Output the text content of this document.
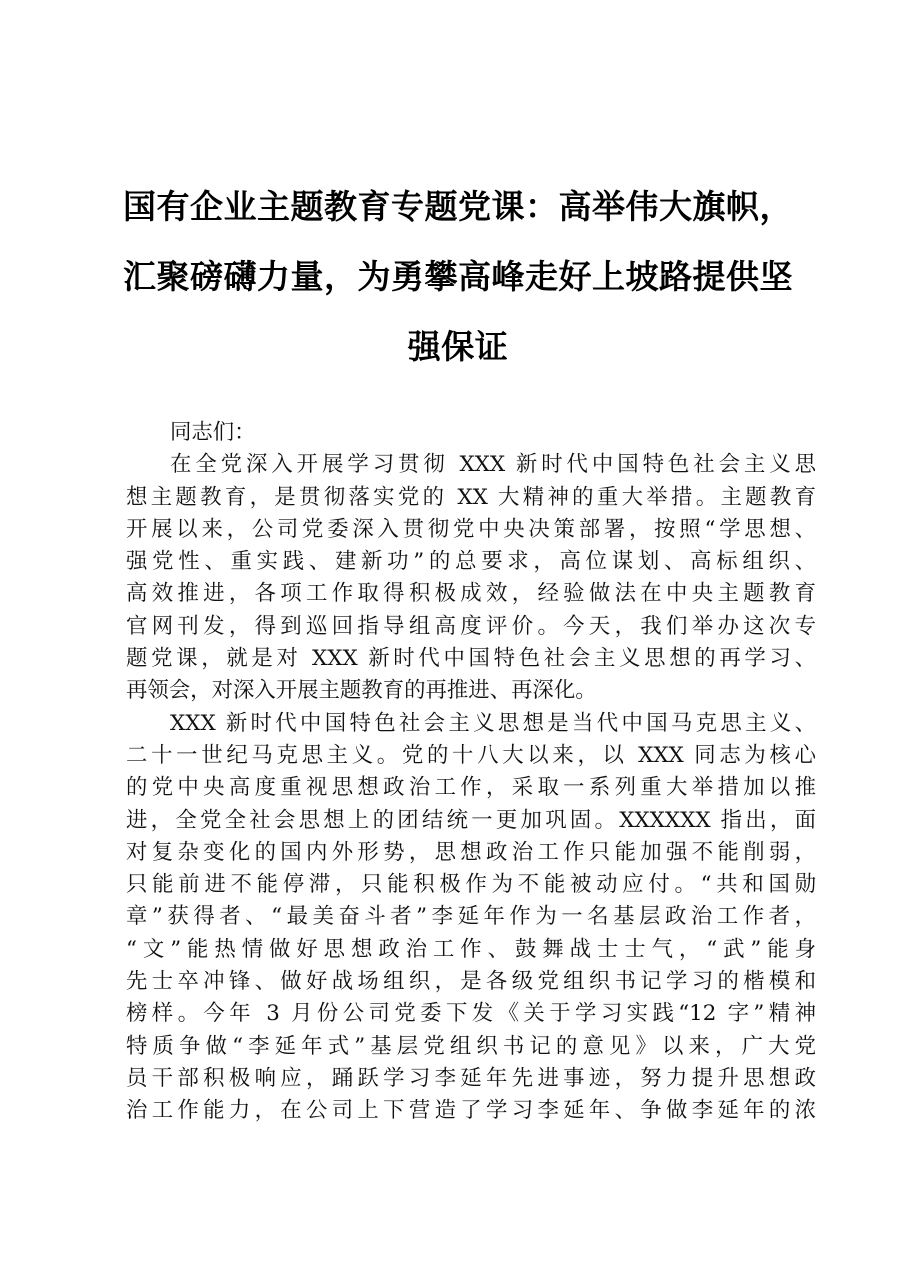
国有企业主题教育专题党课：高举伟大旗帜，
汇聚磅礴力量，为勇攀高峰走好上坡路提供坚
强保证
同志们：
在全党深入开展学习贯彻 XXX 新时代中国特色社会主义思
想主题教育，是贯彻落实党的 XX 大精神的重大举措。主题教育
开展以来，公司党委深入贯彻党中央决策部署，按照“学思想、
强党性、重实践、建新功”的总要求，高位谋划、高标组织、
高效推进，各项工作取得积极成效，经验做法在中央主题教育
官网刊发，得到巡回指导组高度评价。今天，我们举办这次专
题党课，就是对 XXX 新时代中国特色社会主义思想的再学习、
再领会，对深入开展主题教育的再推进、再深化。
XXX 新时代中国特色社会主义思想是当代中国马克思主义、
二十一世纪马克思主义。党的十八大以来，以 XXX 同志为核心
的党中央高度重视思想政治工作，采取一系列重大举措加以推
进，全党全社会思想上的团结统一更加巩固。XXXXXX 指出，面
对复杂变化的国内外形势，思想政治工作只能加强不能削弱，
只能前进不能停滞，只能积极作为不能被动应付。“共和国勋
章”获得者、“最美奋斗者”李延年作为一名基层政治工作者，
“文”能热情做好思想政治工作、鼓舞战士士气，“武”能身
先士卒冲锋、做好战场组织，是各级党组织书记学习的楷模和
榜样。今年 3 月份公司党委下发《关于学习实践“12 字”精神
特质争做“李延年式”基层党组织书记的意见》以来，广大党
员干部积极响应，踊跃学习李延年先进事迹，努力提升思想政
治工作能力，在公司上下营造了学习李延年、争做李延年的浓
